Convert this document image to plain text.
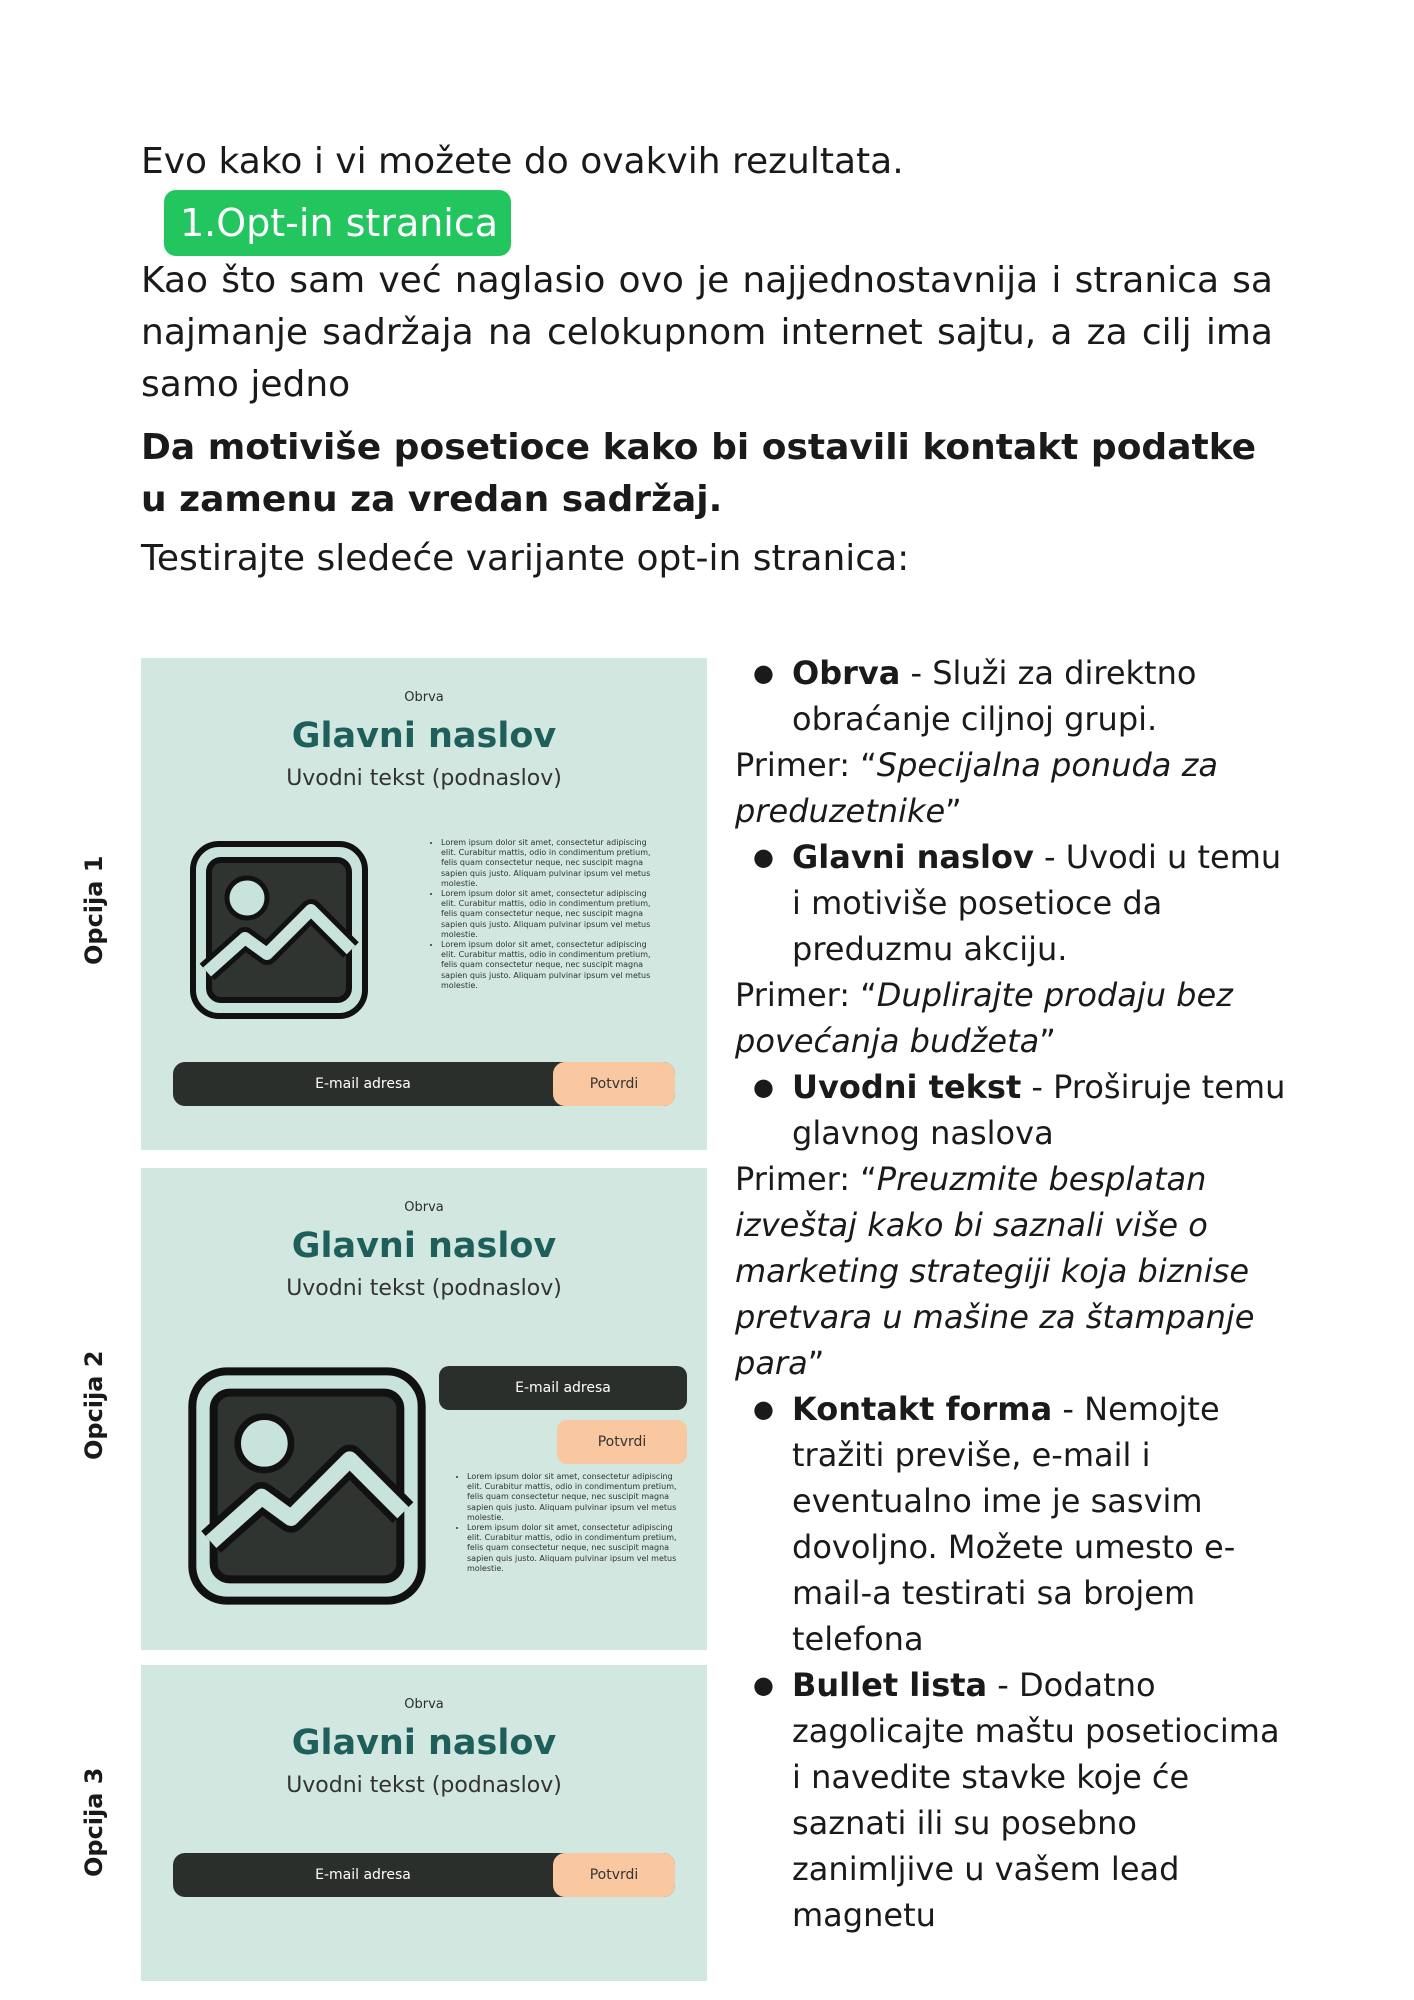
Evo kako i vi možete do ovakvih rezultata.
1.Opt-in stranica
Kao što sam već naglasio ovo je najjednostavnija i stranica sa najmanje sadržaja na celokupnom internet sajtu, a za cilj ima samo jedno
Da motiviše posetioce kako bi ostavili kontakt podatke u zamenu za vredan sadržaj.
Testirajte sledeće varijante opt-in stranica:
Opcija 1
Opcija 2
Opcija 3
Obrva
Glavni naslov
Uvodni tekst (podnaslov)
• Lorem ipsum dolor sit amet, consectetur adipiscing elit. Curabitur mattis, odio in condimentum pretium, felis quam consectetur neque, nec suscipit magna sapien quis justo. Aliquam pulvinar ipsum vel metus molestie.
• Lorem ipsum dolor sit amet, consectetur adipiscing elit. Curabitur mattis, odio in condimentum pretium, felis quam consectetur neque, nec suscipit magna sapien quis justo. Aliquam pulvinar ipsum vel metus molestie.
• Lorem ipsum dolor sit amet, consectetur adipiscing elit. Curabitur mattis, odio in condimentum pretium, felis quam consectetur neque, nec suscipit magna sapien quis justo. Aliquam pulvinar ipsum vel metus molestie.
E-mail adresa	Potvrdi
Obrva
Glavni naslov
Uvodni tekst (podnaslov)
E-mail adresa
Potvrdi
• Lorem ipsum dolor sit amet, consectetur adipiscing elit. Curabitur mattis, odio in condimentum pretium, felis quam consectetur neque, nec suscipit magna sapien quis justo. Aliquam pulvinar ipsum vel metus molestie.
• Lorem ipsum dolor sit amet, consectetur adipiscing elit. Curabitur mattis, odio in condimentum pretium, felis quam consectetur neque, nec suscipit magna sapien quis justo. Aliquam pulvinar ipsum vel metus molestie.
Obrva
Glavni naslov
Uvodni tekst (podnaslov)
E-mail adresa	Potvrdi
● Obrva - Služi za direktno obraćanje ciljnoj grupi.
Primer: “Specijalna ponuda za preduzetnike”
● Glavni naslov - Uvodi u temu i motiviše posetioce da preduzmu akciju.
Primer: “Duplirajte prodaju bez povećanja budžeta”
● Uvodni tekst - Proširuje temu glavnog naslova
Primer: “Preuzmite besplatan izveštaj kako bi saznali više o marketing strategiji koja biznise pretvara u mašine za štampanje para”
● Kontakt forma - Nemojte tražiti previše, e-mail i eventualno ime je sasvim dovoljno. Možete umesto e-mail-a testirati sa brojem telefona
● Bullet lista - Dodatno zagolicajte maštu posetiocima i navedite stavke koje će saznati ili su posebno zanimljive u vašem lead magnetu
